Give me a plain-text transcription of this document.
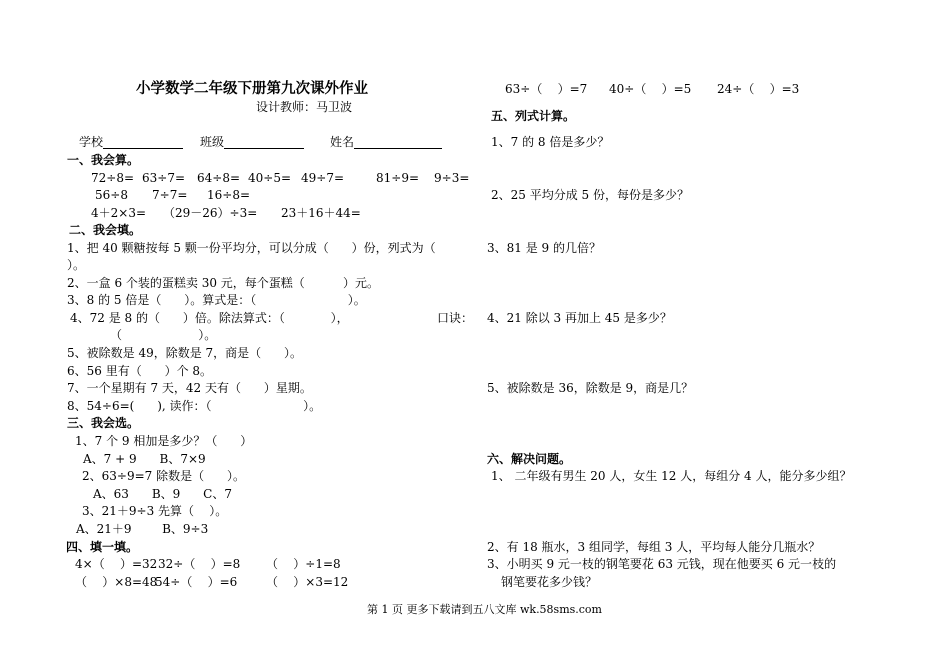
小学数学二年级下册第九次课外作业
设计教师：马卫波
学校	班级	姓名
一、我会算。
72÷8= 63÷7= 64÷8= 40÷5= 49÷7=	81÷9= 9÷3=
56÷8 7÷7= 16÷8=
4＋2×3= （29－26）÷3= 23＋16＋44=
二、我会填。
1、把 40 颗糖按每 5 颗一份平均分，可以分成（      ）份，列式为（
）。
2、一盒 6 个装的蛋糕卖 30 元，每个蛋糕（          ）元。
3、8 的 5 倍是（      ）。算式是：（                        ）。
4、72 是 8 的（      ）倍。除法算式：（            ），	口诀：
（                    ）。
5、被除数是 49，除数是 7，商是（      ）。
6、56 里有（      ）个 8。
7、一个星期有 7 天，42 天有（      ）星期。
8、54÷6=(      ), 读作：（                        ）。
三、我会选。
1、7 个 9 相加是多少？（      ）
A、7 + 9      B、7×9
2、63÷9=7 除数是（      ）。
A、63      B、9      C、7
3、21＋9÷3 先算（    ）。
A、21＋9        B、9÷3
四、填一填。
4×（    ）=32 32÷（    ）=8 （    ）÷1=8
（    ）×8=48
54÷（    ）=6 （    ）×3=12
63÷（    ）=7 40÷（    ）=5 24÷（    ）=3
五、列式计算。
1、7 的 8 倍是多少？
2、25 平均分成 5 份，每份是多少？
3、81 是 9 的几倍？
4、21 除以 3 再加上 45 是多少？
5、被除数是 36，除数是 9，商是几？
六、解决问题。
1、 二年级有男生 20 人，女生 12 人，每组分 4 人，能分多少组？
2、有 18 瓶水，3 组同学，每组 3 人，平均每人能分几瓶水？
3、小明买 9 元一枝的钢笔要花 63 元钱，现在他要买 6 元一枝的
钢笔要花多少钱？
第 1 页 更多下载请到五八文库 wk.58sms.com
